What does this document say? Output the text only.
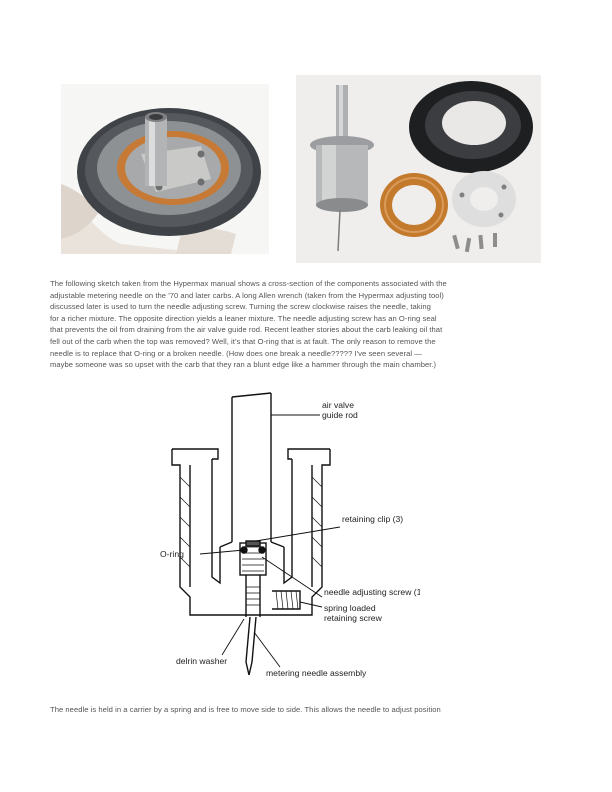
The following sketch taken from the Hypermax manual shows a cross-section of the components associated with the

adjustable metering needle on the '70 and later carbs. A long Allen wrench (taken from the Hypermax adjusting tool)

discussed later is used to turn the needle adjusting screw. Turning the screw clockwise raises the needle, taking

for a richer mixture. The opposite direction yields a leaner mixture. The needle adjusting screw has an O-ring seal

that prevents the oil from draining from the air valve guide rod. Recent leather stories about the carb leaking oil that

fell out of the carb when the top was removed? Well, it's that O-ring that is at fault. The only reason to remove the

needle is to replace that O-ring or a broken needle. (How does one break a needle????? I've seen several —

maybe someone was so upset with the carb that they ran a blunt edge like a hammer through the main chamber.)

air valve
guide rod
retaining clip (3)
O-ring
needle adjusting screw (1)
spring loaded
retaining screw
delrin washer
metering needle assembly

The needle is held in a carrier by a spring and is free to move side to side. This allows the needle to adjust position
